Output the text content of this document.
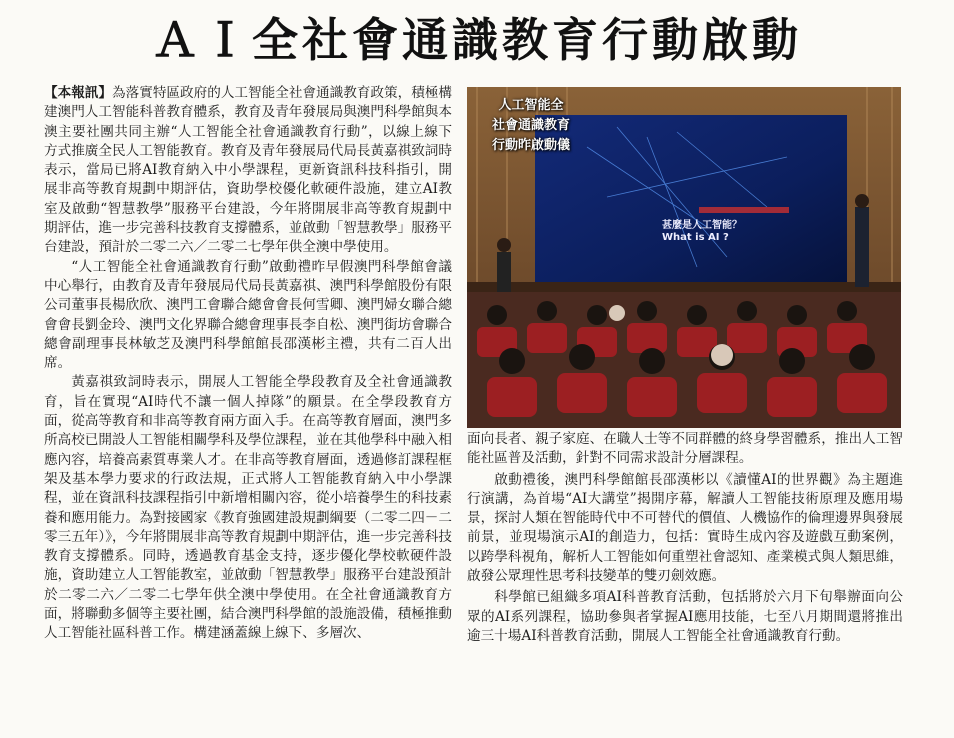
ＡＩ全社會通識教育行動啟動

【本報訊】為落實特區政府的人工智能全社會通識教育政策，積極構建澳門人工智能科普教育體系，教育及青年發展局與澳門科學館與本澳主要社團共同主辦“人工智能全社會通識教育行動”，以線上線下方式推廣全民人工智能教育。教育及青年發展局代局長黃嘉祺致詞時表示，當局已將AI教育納入中小學課程，更新資訊科技科指引，開展非高等教育規劃中期評估，資助學校優化軟硬件設施，建立AI教室及啟動“智慧教學”服務平台建設，今年將開展非高等教育規劃中期評估，進一步完善科技教育支撐體系，並啟動「智慧教學」服務平台建設，預計於二零二六／二零二七學年供全澳中學使用。

“人工智能全社會通識教育行動”啟動禮昨早假澳門科學館會議中心舉行，由教育及青年發展局代局長黃嘉祺、澳門科學館股份有限公司董事長楊欣欣、澳門工會聯合總會會長何雪卿、澳門婦女聯合總會會長劉金玲、澳門文化界聯合總會理事長李自松、澳門街坊會聯合總會副理事長林敏芝及澳門科學館館長邵漢彬主禮，共有二百人出席。

黃嘉祺致詞時表示，開展人工智能全學段教育及全社會通識教育，旨在實現“AI時代不讓一個人掉隊”的願景。在全學段教育方面，從高等教育和非高等教育兩方面入手。在高等教育層面，澳門多所高校已開設人工智能相關學科及學位課程，並在其他學科中融入相應內容，培養高素質專業人才。在非高等教育層面，透過修訂課程框架及基本學力要求的行政法規，正式將人工智能教育納入中小學課程，並在資訊科技課程指引中新增相關內容，從小培養學生的科技素養和應用能力。為對接國家《教育強國建設規劃綱要（二零二四－二零三五年）》，今年將開展非高等教育規劃中期評估，進一步完善科技教育支撐體系。同時，透過教育基金支持，逐步優化學校軟硬件設施，資助建立人工智能教室，並啟動「智慧教學」服務平台建設預計於二零二六／二零二七學年供全澳中學使用。在全社會通識教育方面，將聯動多個等主要社團，結合澳門科學館的設施設備，積極推動人工智能社區科普工作。構建涵蓋線上線下、多層次、

人工智能全
社會通識教育
行動昨啟動儀
甚麼是人工智能？
What is AI ?

面向長者、親子家庭、在職人士等不同群體的終身學習體系，推出人工智能社區普及活動，針對不同需求設計分層課程。

啟動禮後，澳門科學館館長邵漢彬以《讀懂AI的世界觀》為主題進行演講，為首場“AI大講堂”揭開序幕，解讀人工智能技術原理及應用場景，探討人類在智能時代中不可替代的價值、人機協作的倫理邊界與發展前景，並現場演示AI的創造力，包括：實時生成內容及遊戲互動案例，以跨學科視角，解析人工智能如何重塑社會認知、產業模式與人類思維，啟發公眾理性思考科技變革的雙刃劍效應。

科學館已組織多項AI科普教育活動，包括將於六月下旬舉辦面向公眾的AI系列課程，協助參與者掌握AI應用技能，七至八月期間還將推出逾三十場AI科普教育活動，開展人工智能全社會通識教育行動。
